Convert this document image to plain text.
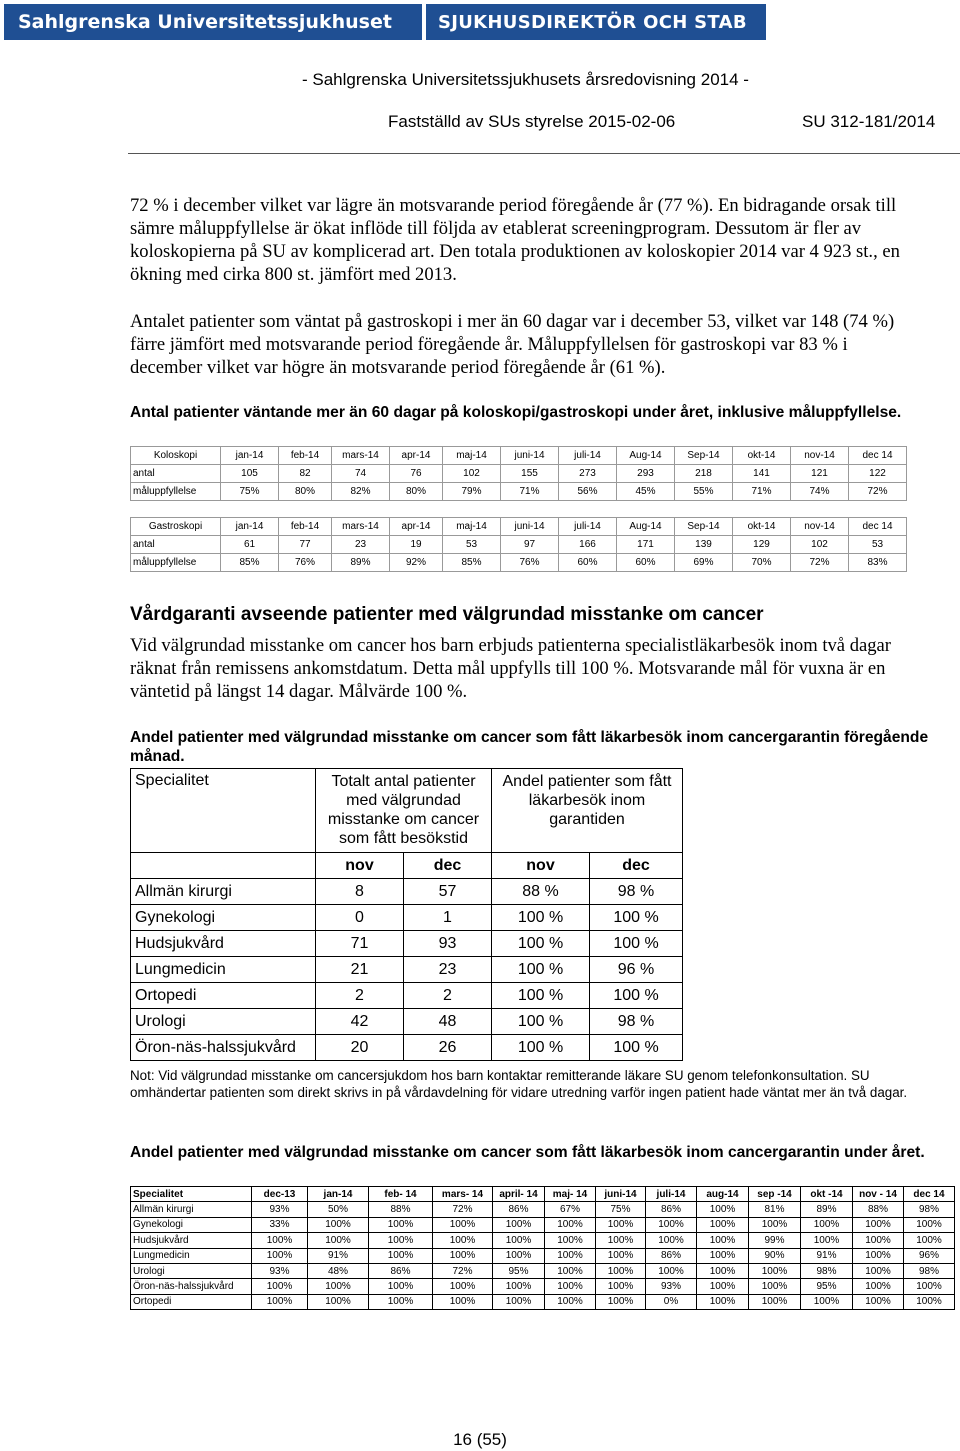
Sahlgrenska Universitetssjukhuset	SJUKHUSDIREKTÖR OCH STAB
- Sahlgrenska Universitetssjukhusets årsredovisning 2014 -
Fastställd av SUs styrelse 2015-02-06	SU 312-181/2014

72 % i december vilket var lägre än motsvarande period föregående år (77 %). En bidragande orsak till sämre måluppfyllelse är ökat inflöde till följda av etablerat screeningprogram. Dessutom är fler av koloskopierna på SU av komplicerad art. Den totala produktionen av koloskopier 2014 var 4 923 st., en ökning med cirka 800 st. jämfört med 2013.

Antalet patienter som väntat på gastroskopi i mer än 60 dagar var i december 53, vilket var 148 (74 %) färre jämfört med motsvarande period föregående år. Måluppfyllelsen för gastroskopi var 83 % i december vilket var högre än motsvarande period föregående år (61 %).

Antal patienter väntande mer än 60 dagar på koloskopi/gastroskopi under året, inklusive måluppfyllelse.

Koloskopi	jan-14	feb-14	mars-14	apr-14	maj-14	juni-14	juli-14	Aug-14	Sep-14	okt-14	nov-14	dec 14
antal	105	82	74	76	102	155	273	293	218	141	121	122
måluppfyllelse	75%	80%	82%	80%	79%	71%	56%	45%	55%	71%	74%	72%

Gastroskopi	jan-14	feb-14	mars-14	apr-14	maj-14	juni-14	juli-14	Aug-14	Sep-14	okt-14	nov-14	dec 14
antal	61	77	23	19	53	97	166	171	139	129	102	53
måluppfyllelse	85%	76%	89%	92%	85%	76%	60%	60%	69%	70%	72%	83%

Vårdgaranti avseende patienter med välgrundad misstanke om cancer

Vid välgrundad misstanke om cancer hos barn erbjuds patienterna specialistläkarbesök inom två dagar räknat från remissens ankomstdatum. Detta mål uppfylls till 100 %. Motsvarande mål för vuxna är en väntetid på längst 14 dagar. Målvärde 100 %.

Andel patienter med välgrundad misstanke om cancer som fått läkarbesök inom cancergarantin föregående månad.

Specialitet	Totalt antal patienter med välgrundad misstanke om cancer som fått besökstid		Andel patienter som fått läkarbesök inom garantiden	
	nov	dec	nov	dec
Allmän kirurgi	8	57	88 %	98 %
Gynekologi	0	1	100 %	100 %
Hudsjukvård	71	93	100 %	100 %
Lungmedicin	21	23	100 %	96 %
Ortopedi	2	2	100 %	100 %
Urologi	42	48	100 %	98 %
Öron-näs-halssjukvård	20	26	100 %	100 %

Not: Vid välgrundad misstanke om cancersjukdom hos barn kontaktar remitterande läkare SU genom telefonkonsultation. SU omhändertar patienten som direkt skrivs in på vårdavdelning för vidare utredning varför ingen patient hade väntat mer än två dagar.

Andel patienter med välgrundad misstanke om cancer som fått läkarbesök inom cancergarantin under året.

Specialitet	dec-13	jan-14	feb- 14	mars- 14	april- 14	maj- 14	juni-14	juli-14	aug-14	sep -14	okt -14	nov - 14	dec 14
Allmän kirurgi	93%	50%	88%	72%	86%	67%	75%	86%	100%	81%	89%	88%	98%
Gynekologi	33%	100%	100%	100%	100%	100%	100%	100%	100%	100%	100%	100%	100%
Hudsjukvård	100%	100%	100%	100%	100%	100%	100%	100%	100%	99%	100%	100%	100%
Lungmedicin	100%	91%	100%	100%	100%	100%	100%	86%	100%	90%	91%	100%	96%
Urologi	93%	48%	86%	72%	95%	100%	100%	100%	100%	100%	98%	100%	98%
Öron-näs-halssjukvård	100%	100%	100%	100%	100%	100%	100%	93%	100%	100%	95%	100%	100%
Ortopedi	100%	100%	100%	100%	100%	100%	100%	0%	100%	100%	100%	100%	100%
16 (55)
